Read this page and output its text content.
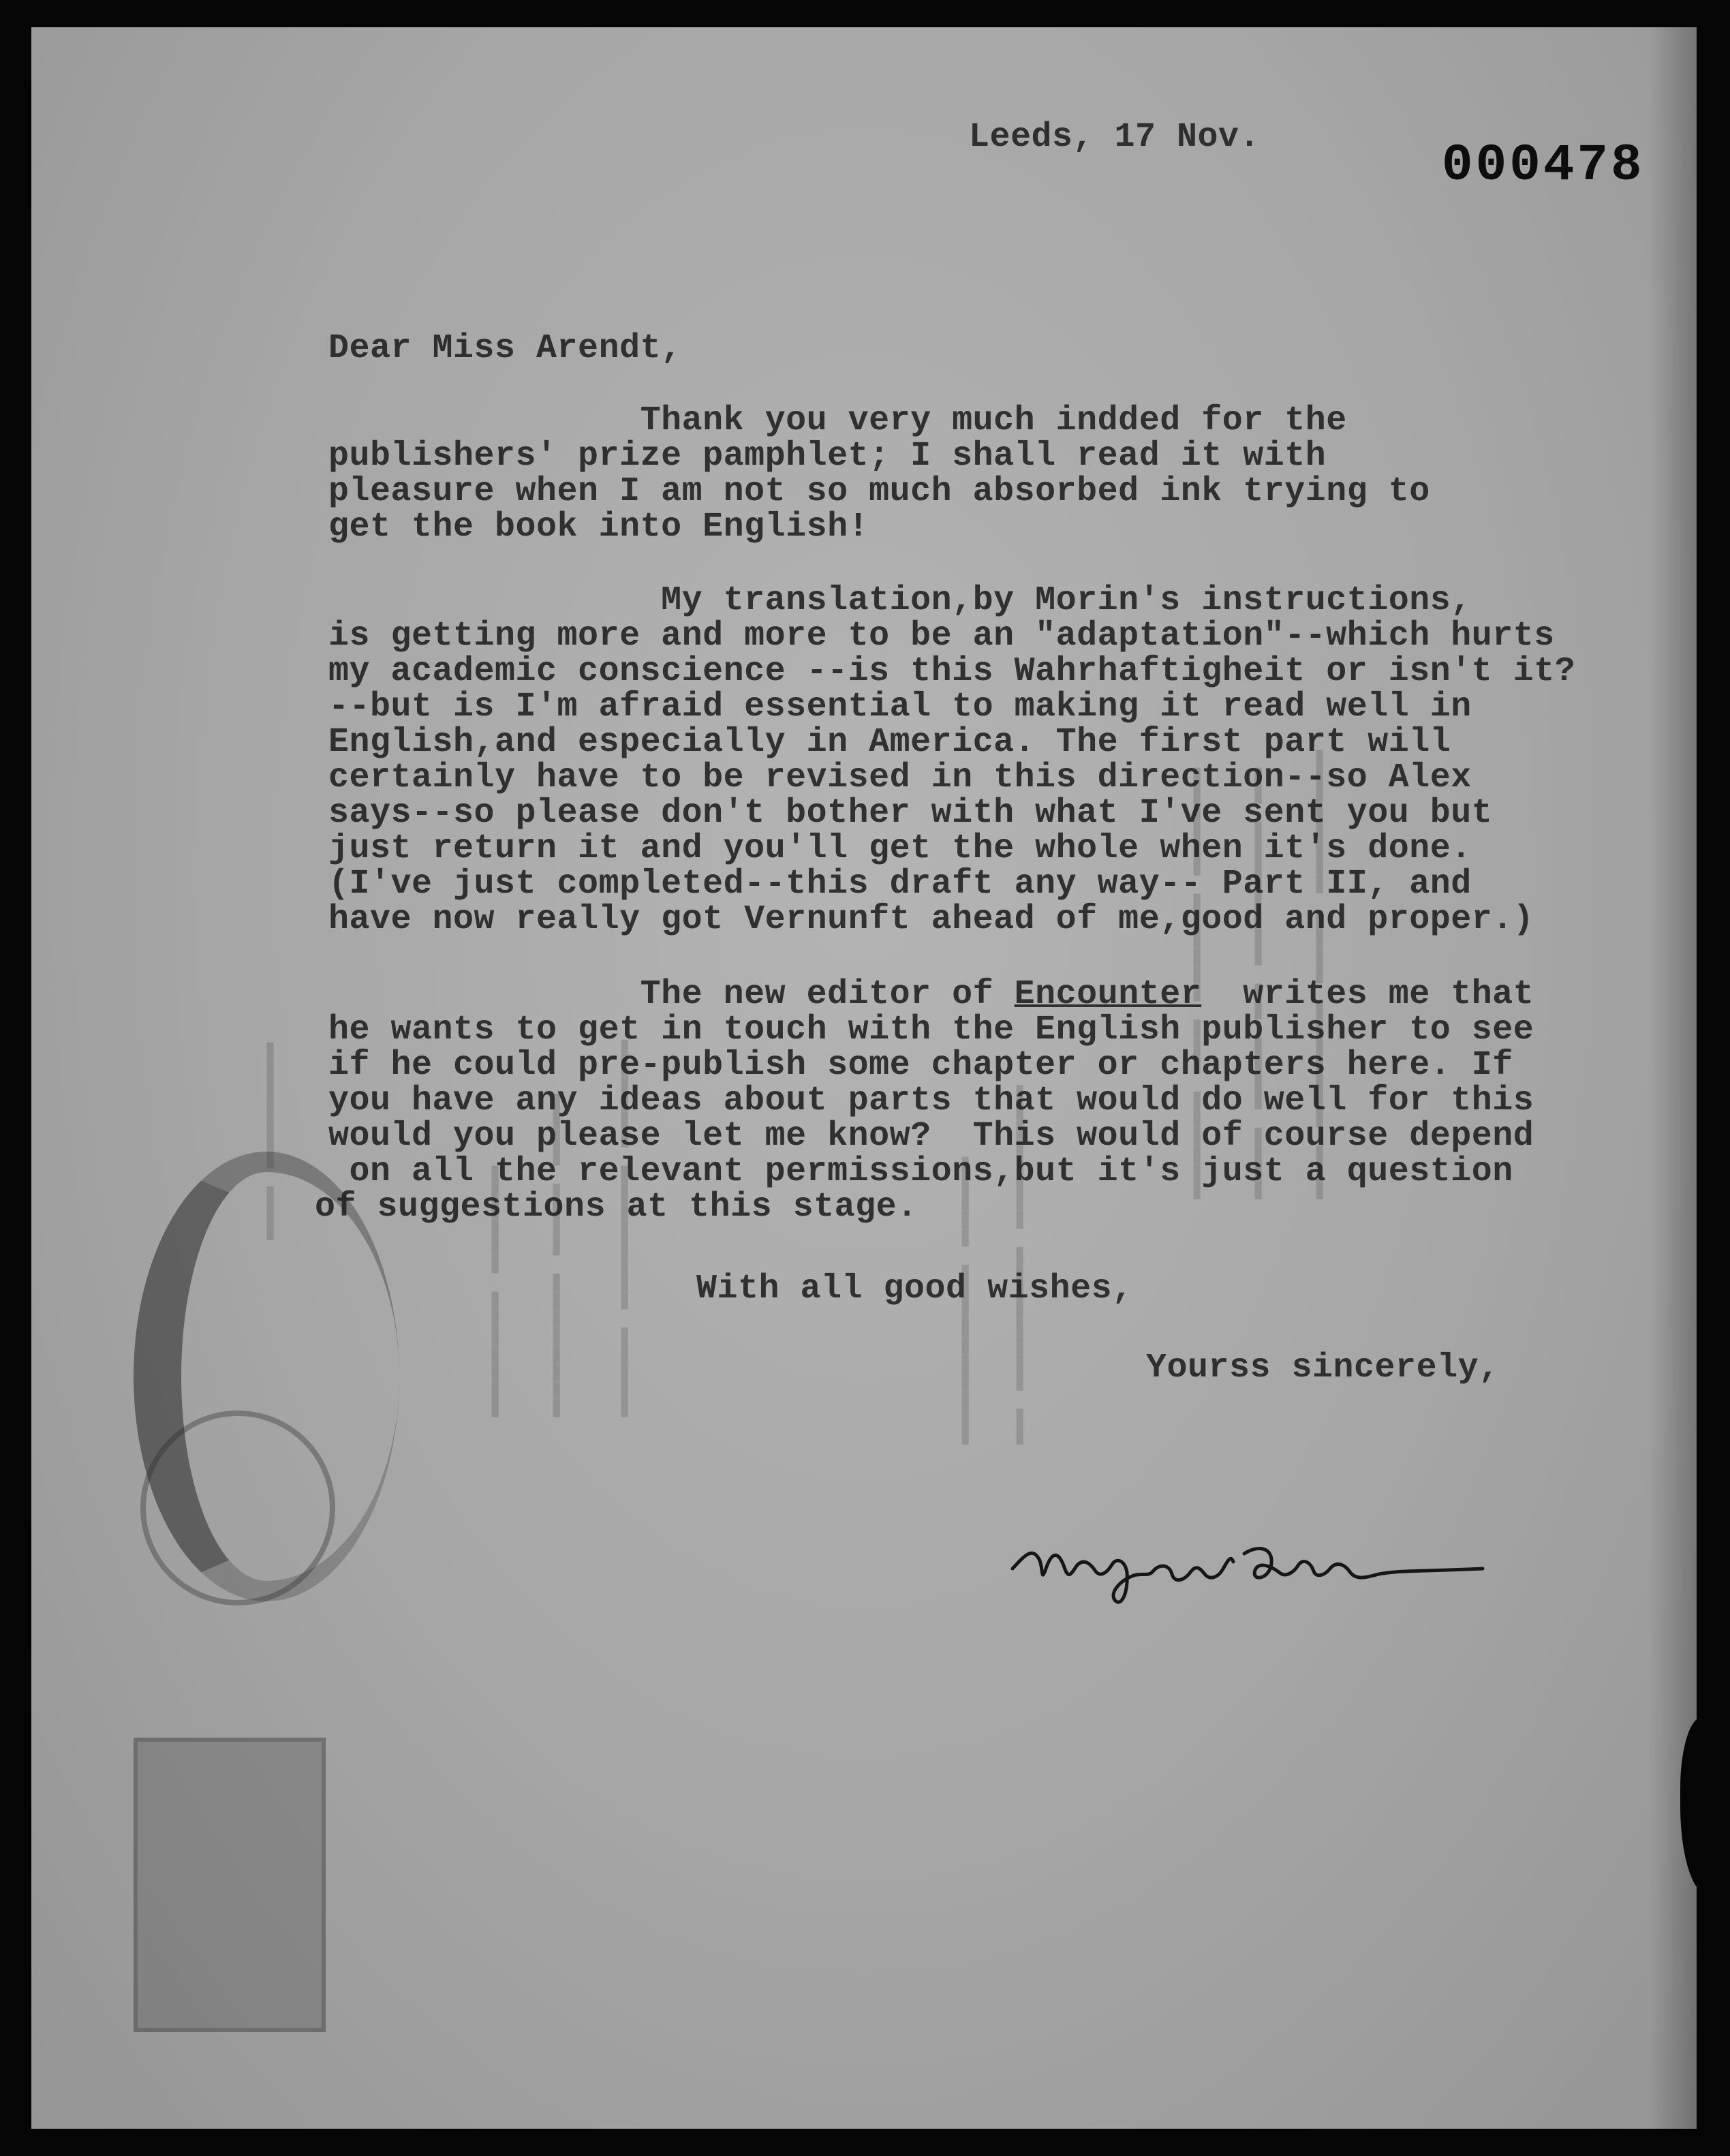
▬▬▬ ▬▬▬▬▬▬▬ ▬▬▬▬ ▬▬▬▬▬▬▬▬
▬▬▬▬ ▬▬▬▬ ▬▬ ▬▬▬▬▬▬▬▬ ▬▬
▬▬▬▬▬▬ ▬▬▬ ▬▬▬▬▬▬ ▬▬▬▬▬▬
▬▬ ▬▬▬▬▬▬▬▬ ▬▬▬▬▬▬▬▬
▬▬▬▬▬▬▬▬▬▬ ▬▬▬▬▬
▬▬▬▬▬ ▬▬▬▬▬▬▬▬ ▬▬▬▬▬▬
▬▬▬▬▬▬▬▬ ▬▬▬▬ ▬▬▬▬
▬▬▬▬▬▬▬ ▬▬▬▬▬▬
▬▬▬ ▬▬▬▬▬▬▬
Leeds, 17 Nov.	000478
Dear Miss Arendt,
Thank you very much indded for the
publishers' prize pamphlet; I shall read it with
pleasure when I am not so much absorbed ink trying to
get the book into English!
My translation,by Morin's instructions,
is getting more and more to be an "adaptation"--which hurts
my academic conscience --is this Wahrhaftigheit or isn't it?
--but is I'm afraid essential to making it read well in
English,and especially in America. The first part will
certainly have to be revised in this direction--so Alex
says--so please don't bother with what I've sent you but
just return it and you'll get the whole when it's done.
(I've just completed--this draft any way-- Part II, and
have now really got Vernunft ahead of me,good and proper.)
The new editor of Encounter  writes me that
he wants to get in touch with the English publisher to see
if he could pre-publish some chapter or chapters here. If
you have any ideas about parts that would do well for this
would you please let me know?  This would of course depend
on all the relevant permissions,but it's just a question
of suggestions at this stage.
With all good wishes,
Yourss sincerely,
